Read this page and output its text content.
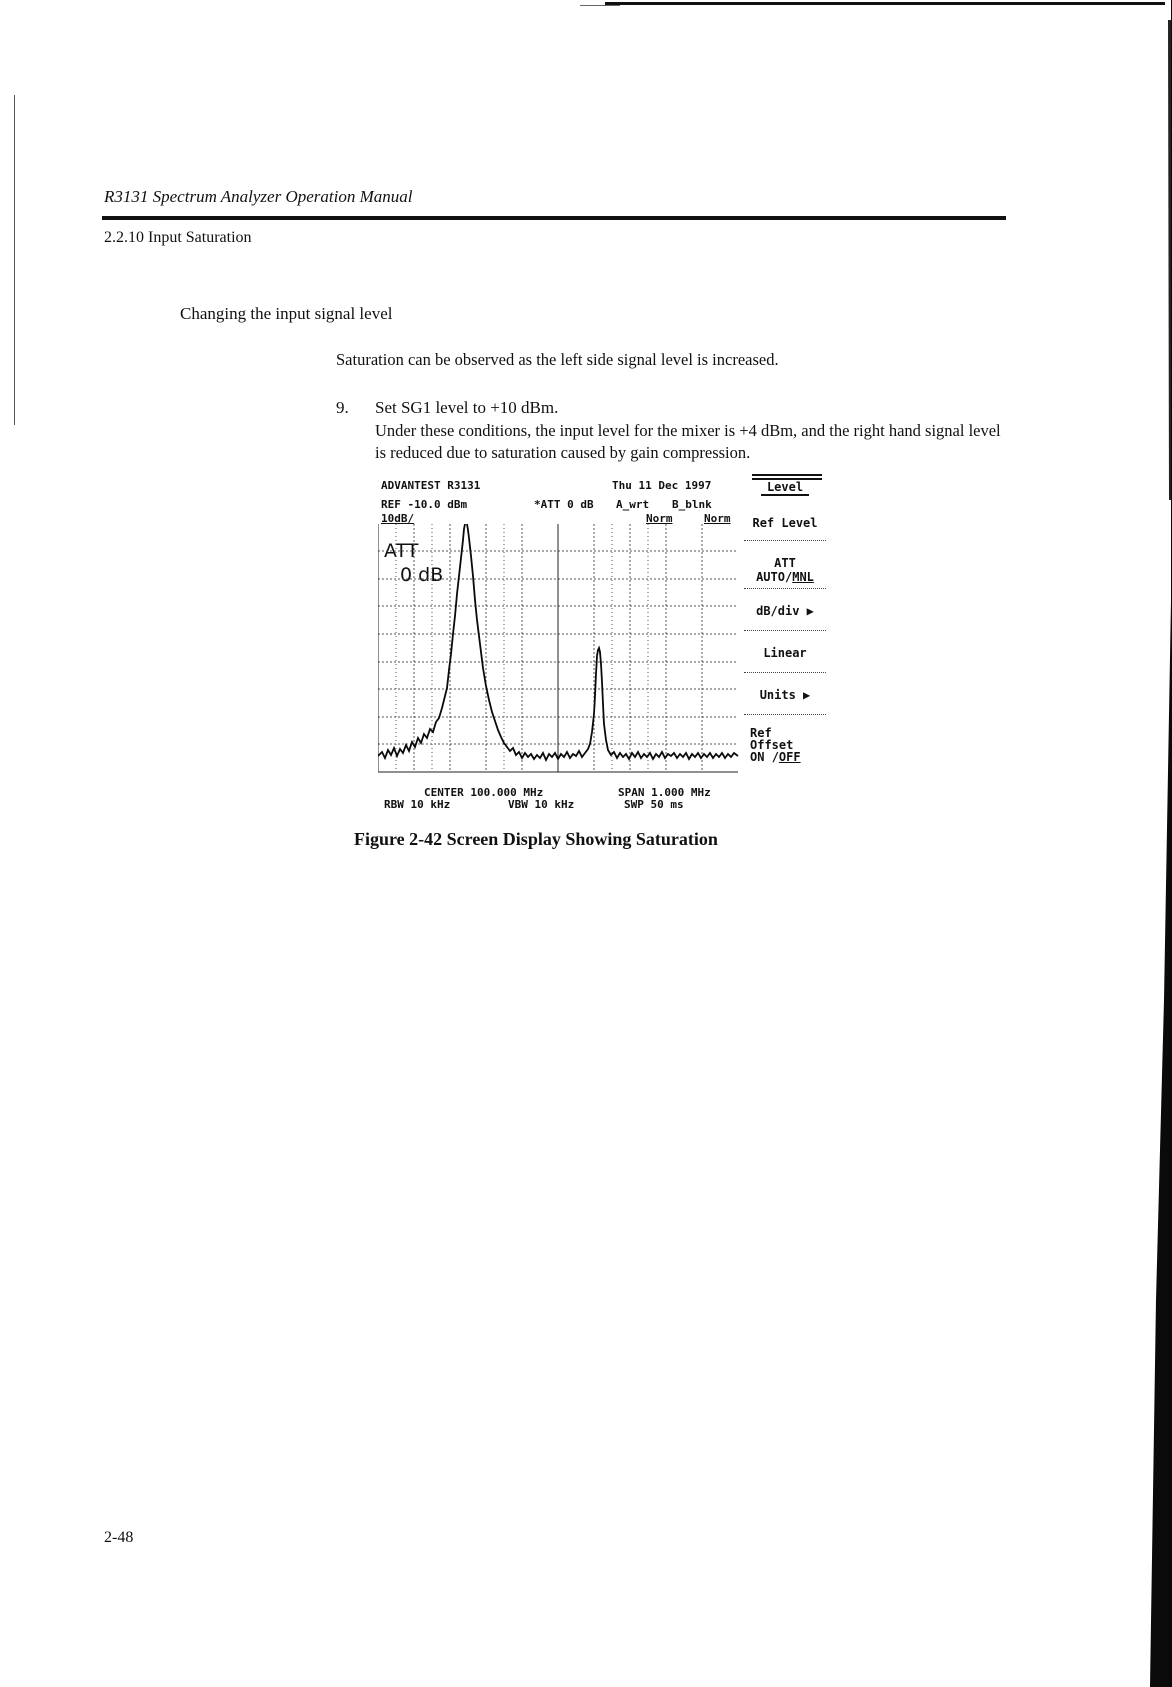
R3131 Spectrum Analyzer Operation Manual
2.2.10 Input Saturation
Changing the input signal level
Saturation can be observed as the left side signal level is increased.
9. Set SG1 level to +10 dBm.
Under these conditions, the input level for the mixer is +4 dBm, and the right hand signal level is reduced due to saturation caused by gain compression.
ADVANTEST R3131	Thu 11 Dec 1997
REF -10.0 dBm	*ATT 0 dB A_wrt B_blnk
10dB/	Norm	Norm
ATT
0 dB
CENTER 100.000 MHz	SPAN 1.000 MHz
RBW 10 kHz	VBW 10 kHz	SWP 50 ms
Level
Ref Level
ATT
AUTO/MNL
dB/div ▶
Linear
Units ▶
Ref
Offset
ON /OFF
Figure 2-42 Screen Display Showing Saturation
2-48
